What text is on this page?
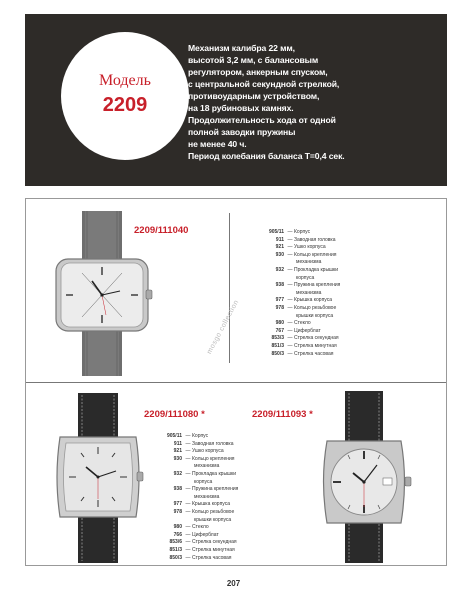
Модель
2209
Механизм калибра 22 мм,
высотой 3,2 мм, с балансовым
регулятором, анкерным спуском,
с центральной секундной стрелкой,
противоударным устройством,
на 18 рубиновых камнях.
Продолжительность хода от одной
полной заводки пружины
не менее 40 ч.
Период колебания баланса T=0,4 сек.
2209/111040	905/11 — Корпус
911 — Заводная головка
921 — Ушко корпуса
930 — Кольцо крепления
механизма
932 — Прокладка крышки
корпуса
938 — Пружина крепления
механизма
977 — Крышка корпуса
978 — Кольцо резьбовое
крышки корпуса
980 — Стекло
767 — Циферблат
853/3 — Стрелка секундная
851/3 — Стрелка минутная
850/3 — Стрелка часовая
2209/111080 *	2209/111093 *
905/11 — Корпус
911 — Заводная головка
921 — Ушко корпуса
930 — Кольцо крепления
механизма
932 — Прокладка крышки
корпуса
938 — Пружина крепления
механизма
977 — Крышка корпуса
978 — Кольцо резьбовое
крышки корпуса
980 — Стекло
766 — Циферблат
853/6 — Стрелка секундная
851/3 — Стрелка минутная
850/3 — Стрелка часовая
mosgo collection
207
